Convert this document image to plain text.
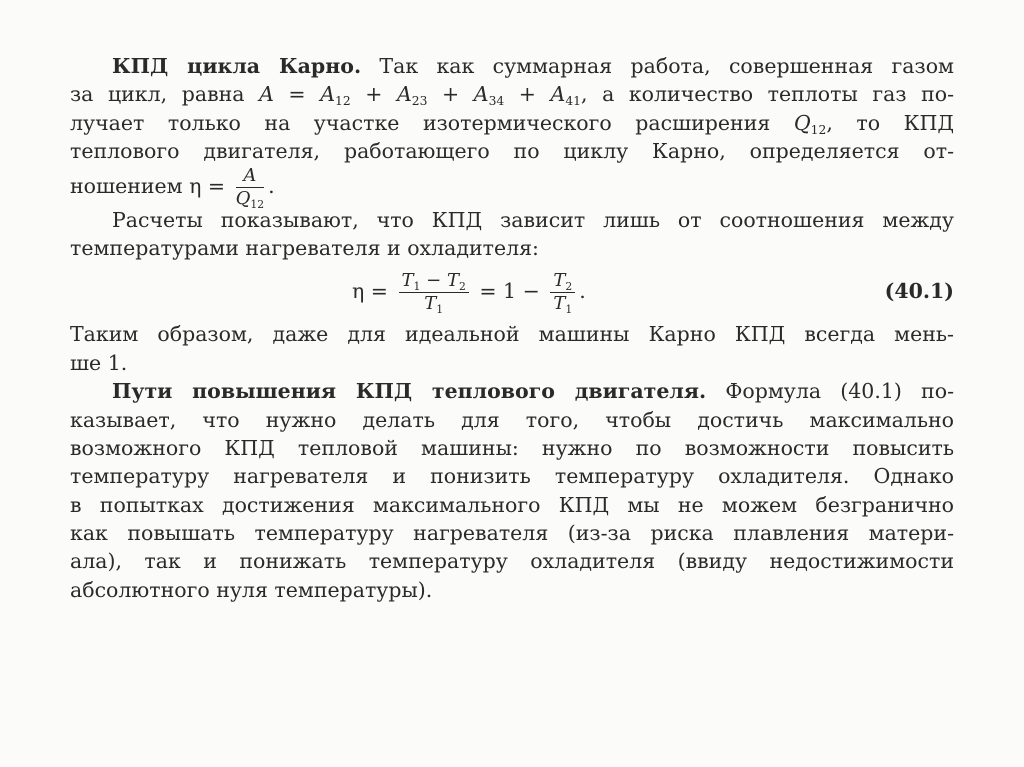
КПД цикла Карно. Так как суммарная работа, совершенная газом
за цикл, равна $A = A_{12} + A_{23} + A_{34} + A_{41}$, а количество теплоты газ по-
лучает только на участке изотермического расширения $Q_{12}$, то КПД
теплового двигателя, работающего по циклу Карно, определяется от-
ношением $\eta = \frac{A}{Q_{12}}$ .
Расчеты показывают, что КПД зависит лишь от соотношения между
температурами нагревателя и охладителя:
$\eta = \frac{T_1 - T_2}{T_1} = 1 - \frac{T_2}{T_1}$ .	(40.1)
Таким образом, даже для идеальной машины Карно КПД всегда мень-
ше 1.
Пути повышения КПД теплового двигателя. Формула (40.1) по-
казывает, что нужно делать для того, чтобы достичь максимально
возможного КПД тепловой машины: нужно по возможности повысить
температуру нагревателя и понизить температуру охладителя. Однако
в попытках достижения максимального КПД мы не можем безгранично
как повышать температуру нагревателя (из-за риска плавления матери-
ала), так и понижать температуру охладителя (ввиду недостижимости
абсолютного нуля температуры).
